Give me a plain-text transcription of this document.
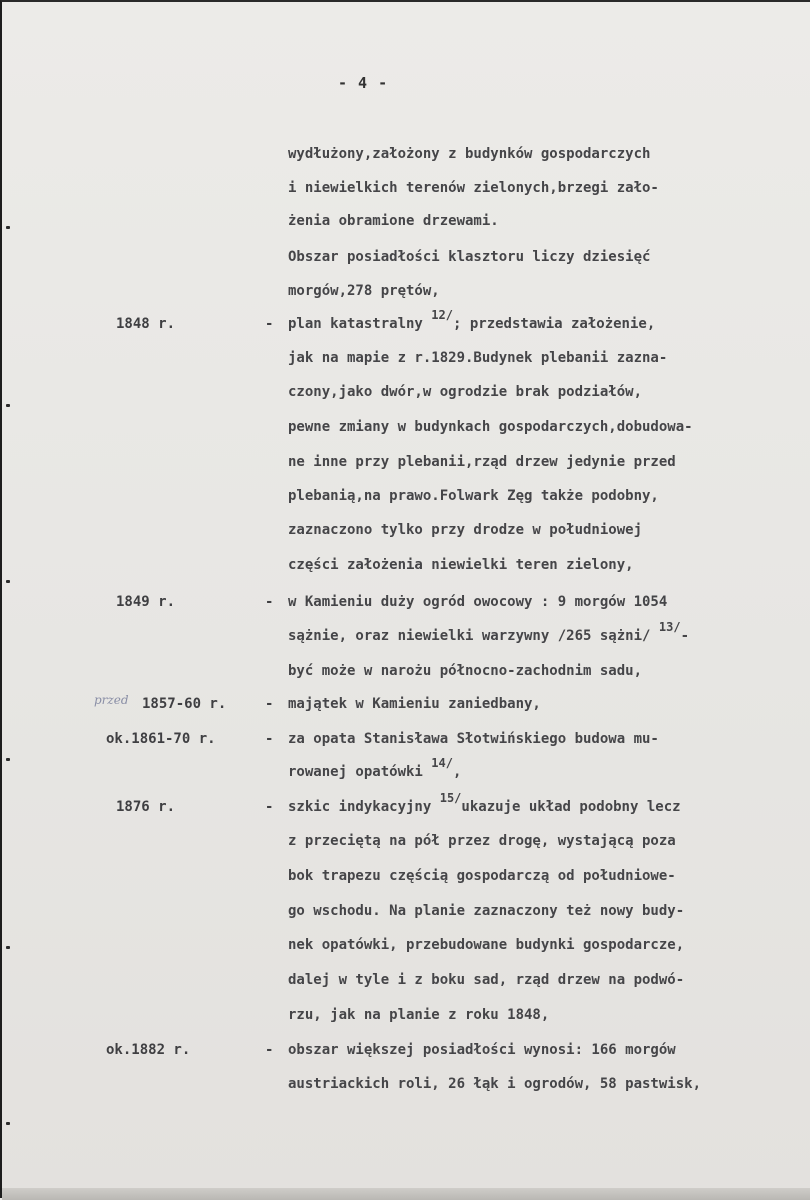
- 4 -
wydłużony,założony z budynków gospodarczych
i niewielkich terenów zielonych,brzegi zało-
żenia obramione drzewami.
Obszar posiadłości klasztoru liczy dziesięć
morgów,278 prętów,
1848 r.	- plan katastralny $^{12/}$; przedstawia założenie,
jak na mapie z r.1829.Budynek plebanii zazna-
czony,jako dwór,w ogrodzie brak podziałów,
pewne zmiany w budynkach gospodarczych,dobudowa-
ne inne przy plebanii,rząd drzew jedynie przed
plebanią,na prawo.Folwark Zęg także podobny,
zaznaczono tylko przy drodze w południowej
części założenia niewielki teren zielony,
1849 r.	- w Kamieniu duży ogród owocowy : 9 morgów 1054
sążnie, oraz niewielki warzywny /265 sążni/ $^{13/}$-
być może w narożu północno-zachodnim sadu,
przed 1857-60 r.	- majątek w Kamieniu zaniedbany,
ok.1861-70 r.	- za opata Stanisława Słotwińskiego budowa mu-
rowanej opatówki $^{14/}$,
1876 r.	- szkic indykacyjny $^{15/}$ukazuje układ podobny lecz
z przeciętą na pół przez drogę, wystającą poza
bok trapezu częścią gospodarczą od południowe-
go wschodu. Na planie zaznaczony też nowy budy-
nek opatówki, przebudowane budynki gospodarcze,
dalej w tyle i z boku sad, rząd drzew na podwó-
rzu, jak na planie z roku 1848,
ok.1882 r.	- obszar większej posiadłości wynosi: 166 morgów
austriackich roli, 26 łąk i ogrodów, 58 pastwisk,
